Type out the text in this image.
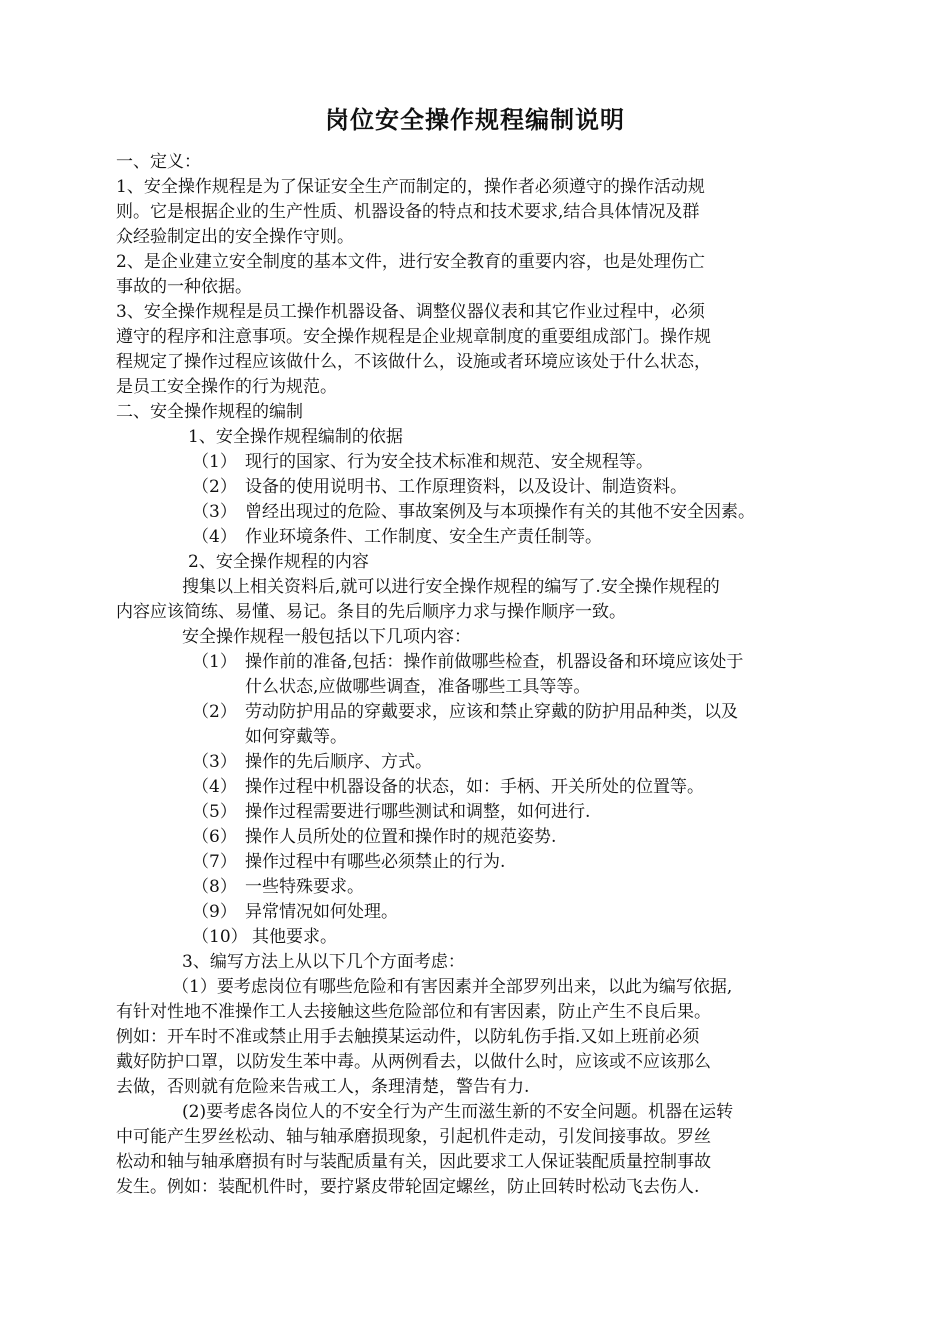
岗位安全操作规程编制说明
一、定义：
1、安全操作规程是为了保证安全生产而制定的，操作者必须遵守的操作活动规
则。它是根据企业的生产性质、机器设备的特点和技术要求,结合具体情况及群
众经验制定出的安全操作守则。
2、是企业建立安全制度的基本文件，进行安全教育的重要内容，也是处理伤亡
事故的一种依据。
3、安全操作规程是员工操作机器设备、调整仪器仪表和其它作业过程中，必须
遵守的程序和注意事项。安全操作规程是企业规章制度的重要组成部门。操作规
程规定了操作过程应该做什么，不该做什么，设施或者环境应该处于什么状态，
是员工安全操作的行为规范。
二、安全操作规程的编制
1、安全操作规程编制的依据
（1） 现行的国家、行为安全技术标准和规范、安全规程等。
（2） 设备的使用说明书、工作原理资料，以及设计、制造资料。
（3） 曾经出现过的危险、事故案例及与本项操作有关的其他不安全因素。
（4） 作业环境条件、工作制度、安全生产责任制等。
2、安全操作规程的内容
搜集以上相关资料后,就可以进行安全操作规程的编写了.安全操作规程的
内容应该简练、易懂、易记。条目的先后顺序力求与操作顺序一致。
安全操作规程一般包括以下几项内容：
（1） 操作前的准备,包括：操作前做哪些检查，机器设备和环境应该处于
什么状态,应做哪些调查，准备哪些工具等等。
（2） 劳动防护用品的穿戴要求，应该和禁止穿戴的防护用品种类，以及
如何穿戴等。
（3） 操作的先后顺序、方式。
（4） 操作过程中机器设备的状态，如：手柄、开关所处的位置等。
（5） 操作过程需要进行哪些测试和调整，如何进行.
（6） 操作人员所处的位置和操作时的规范姿势.
（7） 操作过程中有哪些必须禁止的行为.
（8） 一些特殊要求。
（9） 异常情况如何处理。
（10） 其他要求。
3、编写方法上从以下几个方面考虑：
（1）要考虑岗位有哪些危险和有害因素并全部罗列出来，以此为编写依据,
有针对性地不准操作工人去接触这些危险部位和有害因素，防止产生不良后果。
例如：开车时不准或禁止用手去触摸某运动件，以防轧伤手指.又如上班前必须
戴好防护口罩，以防发生苯中毒。从两例看去，以做什么时，应该或不应该那么
去做，否则就有危险来告戒工人，条理清楚，警告有力.
(2)要考虑各岗位人的不安全行为产生而滋生新的不安全问题。机器在运转
中可能产生罗丝松动、轴与轴承磨损现象，引起机件走动，引发间接事故。罗丝
松动和轴与轴承磨损有时与装配质量有关，因此要求工人保证装配质量控制事故
发生。例如：装配机件时，要拧紧皮带轮固定螺丝，防止回转时松动飞去伤人.
